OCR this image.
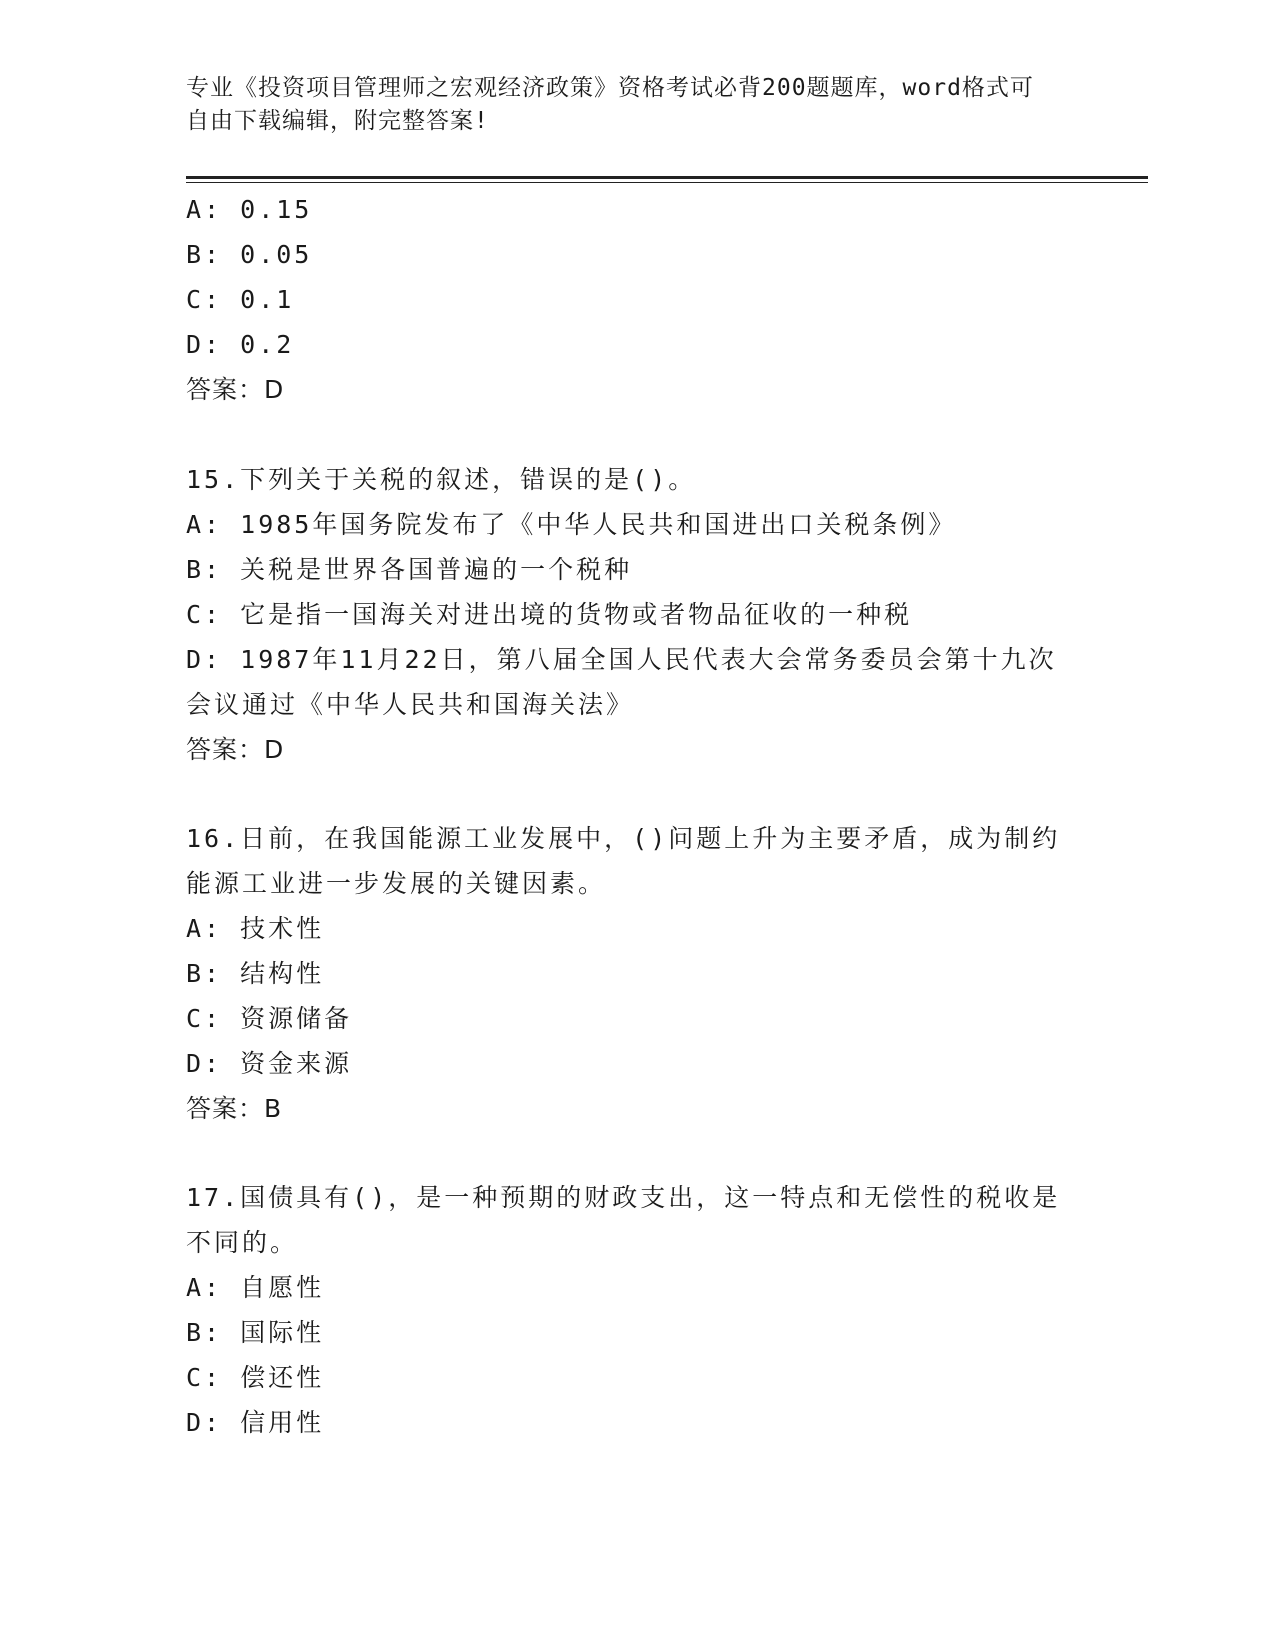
专业《投资项目管理师之宏观经济政策》资格考试必背200题题库，word格式可
自由下载编辑，附完整答案!
A: 0.15
B: 0.05
C: 0.1
D: 0.2
答案：D
15.下列关于关税的叙述，错误的是()。
A: 1985年国务院发布了《中华人民共和国进出口关税条例》
B: 关税是世界各国普遍的一个税种
C: 它是指一国海关对进出境的货物或者物品征收的一种税
D: 1987年11月22日，第八届全国人民代表大会常务委员会第十九次
会议通过《中华人民共和国海关法》
答案：D
16.日前，在我国能源工业发展中，()问题上升为主要矛盾，成为制约
能源工业进一步发展的关键因素。
A: 技术性
B: 结构性
C: 资源储备
D: 资金来源
答案：B
17.国债具有()，是一种预期的财政支出，这一特点和无偿性的税收是
不同的。
A: 自愿性
B: 国际性
C: 偿还性
D: 信用性
